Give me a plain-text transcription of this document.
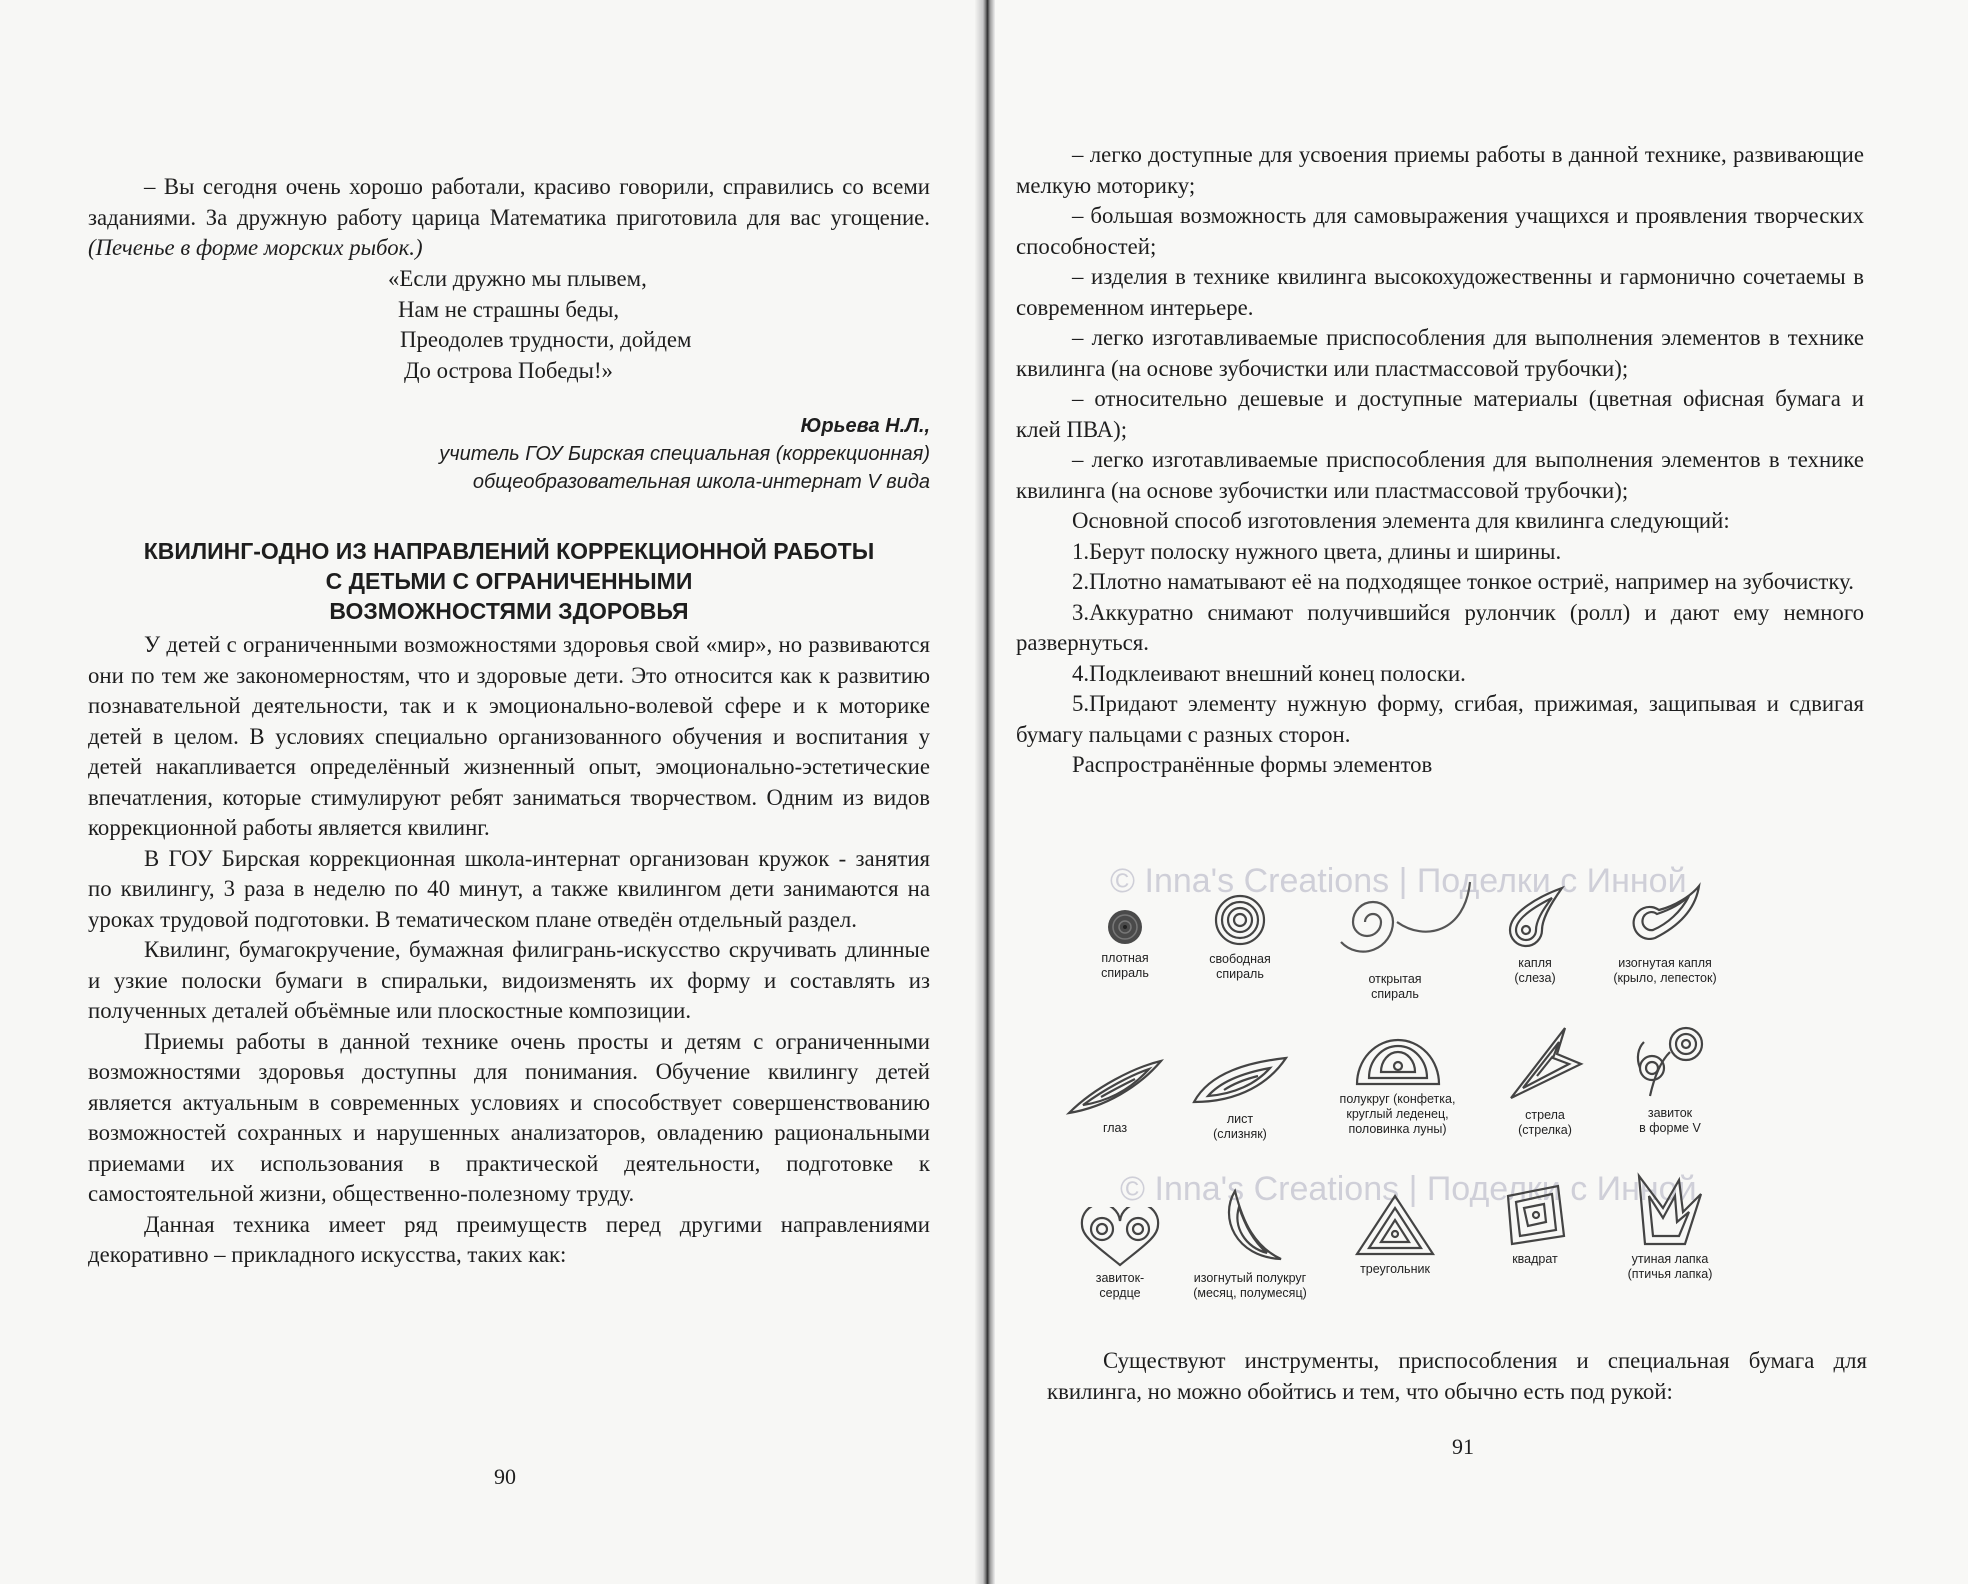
– Вы сегодня очень хорошо работали, красиво говорили, справились со всеми заданиями. За дружную работу царица Математика приготовила для вас угощение. (Печенье в форме морских рыбок.)

«Если дружно мы плывем,
Нам не страшны беды,
Преодолев трудности, дойдем
До острова Победы!»
Юрьева Н.Л.,
учитель ГОУ Бирская специальная (коррекционная)
общеобразовательная школа-интернат V вида
КВИЛИНГ-ОДНО ИЗ НАПРАВЛЕНИЙ КОРРЕКЦИОННОЙ РАБОТЫ
С ДЕТЬМИ С ОГРАНИЧЕННЫМИ
ВОЗМОЖНОСТЯМИ ЗДОРОВЬЯ

У детей с ограниченными возможностями здоровья свой «мир», но развиваются они по тем же закономерностям, что и здоровые дети. Это относится как к развитию познавательной деятельности, так и к эмоционально-волевой сфере и к моторике детей в целом. В условиях специально организованного обучения и воспитания у детей накапливается определённый жизненный опыт, эмоционально-эстетические впечатления, которые стимулируют ребят заниматься творчеством. Одним из видов коррекционной работы является квилинг.

В ГОУ Бирская коррекционная школа-интернат организован кружок - занятия по квилингу, 3 раза в неделю по 40 минут, а также квилингом дети занимаются на уроках трудовой подготовки. В тематическом плане отведён отдельный раздел.

Квилинг, бумагокручение, бумажная филигрань-искусство скручивать длинные и узкие полоски бумаги в спиральки, видоизменять их форму и составлять из полученных деталей объёмные или плоскостные композиции.

Приемы работы в данной технике очень просты и детям с ограниченными возможностями здоровья доступны для понимания. Обучение квилингу детей является актуальным в современных условиях и способствует совершенствованию возможностей сохранных и нарушенных анализаторов, овладению рациональными приемами их использования в практической деятельности, подготовке к самостоятельной жизни, общественно-полезному труду.

Данная техника имеет ряд преимуществ перед другими направлениями декоративно – прикладного искусства, таких как:

90

– легко доступные для усвоения приемы работы в данной технике, развивающие мелкую моторику;

– большая возможность для самовыражения учащихся и проявления творческих способностей;

– изделия в технике квилинга высокохудожественны и гармонично сочетаемы в современном интерьере.

– легко изготавливаемые приспособления для выполнения элементов в технике квилинга (на основе зубочистки или пластмассовой трубочки);

– относительно дешевые и доступные материалы (цветная офисная бумага и клей ПВА);

– легко изготавливаемые приспособления для выполнения элементов в технике квилинга (на основе зубочистки или пластмассовой трубочки);

Основной способ изготовления элемента для квилинга следующий:

1.Берут полоску нужного цвета, длины и ширины.

2.Плотно наматывают её на подходящее тонкое остриё, например на зубочистку.

3.Аккуратно снимают получившийся рулончик (ролл) и дают ему немного развернуться.

4.Подклеивают внешний конец полоски.

5.Придают элементу нужную форму, сгибая, прижимая, защипывая и сдвигая бумагу пальцами с разных сторон.

Распространённые формы элементов

© Inna's Creations | Поделки с Инной
© Inna's Creations | Поделки с Инной
плотная
спираль
свободная
спираль	открытая
спираль
капля
(слеза)
изогнутая капля
(крыло, лепесток)
глаз
лист
(слизняк)
полукруг (конфетка,
круглый леденец,
половинка луны)
стрела
(стрелка)
завиток
в форме V
завиток-
сердце
изогнутый полукруг
(месяц, полумесяц)
треугольник
квадрат	утиная лапка
(птичья лапка)

Существуют инструменты, приспособления и специальная бумага для квилинга, но можно обойтись и тем, что обычно есть под рукой:

91
